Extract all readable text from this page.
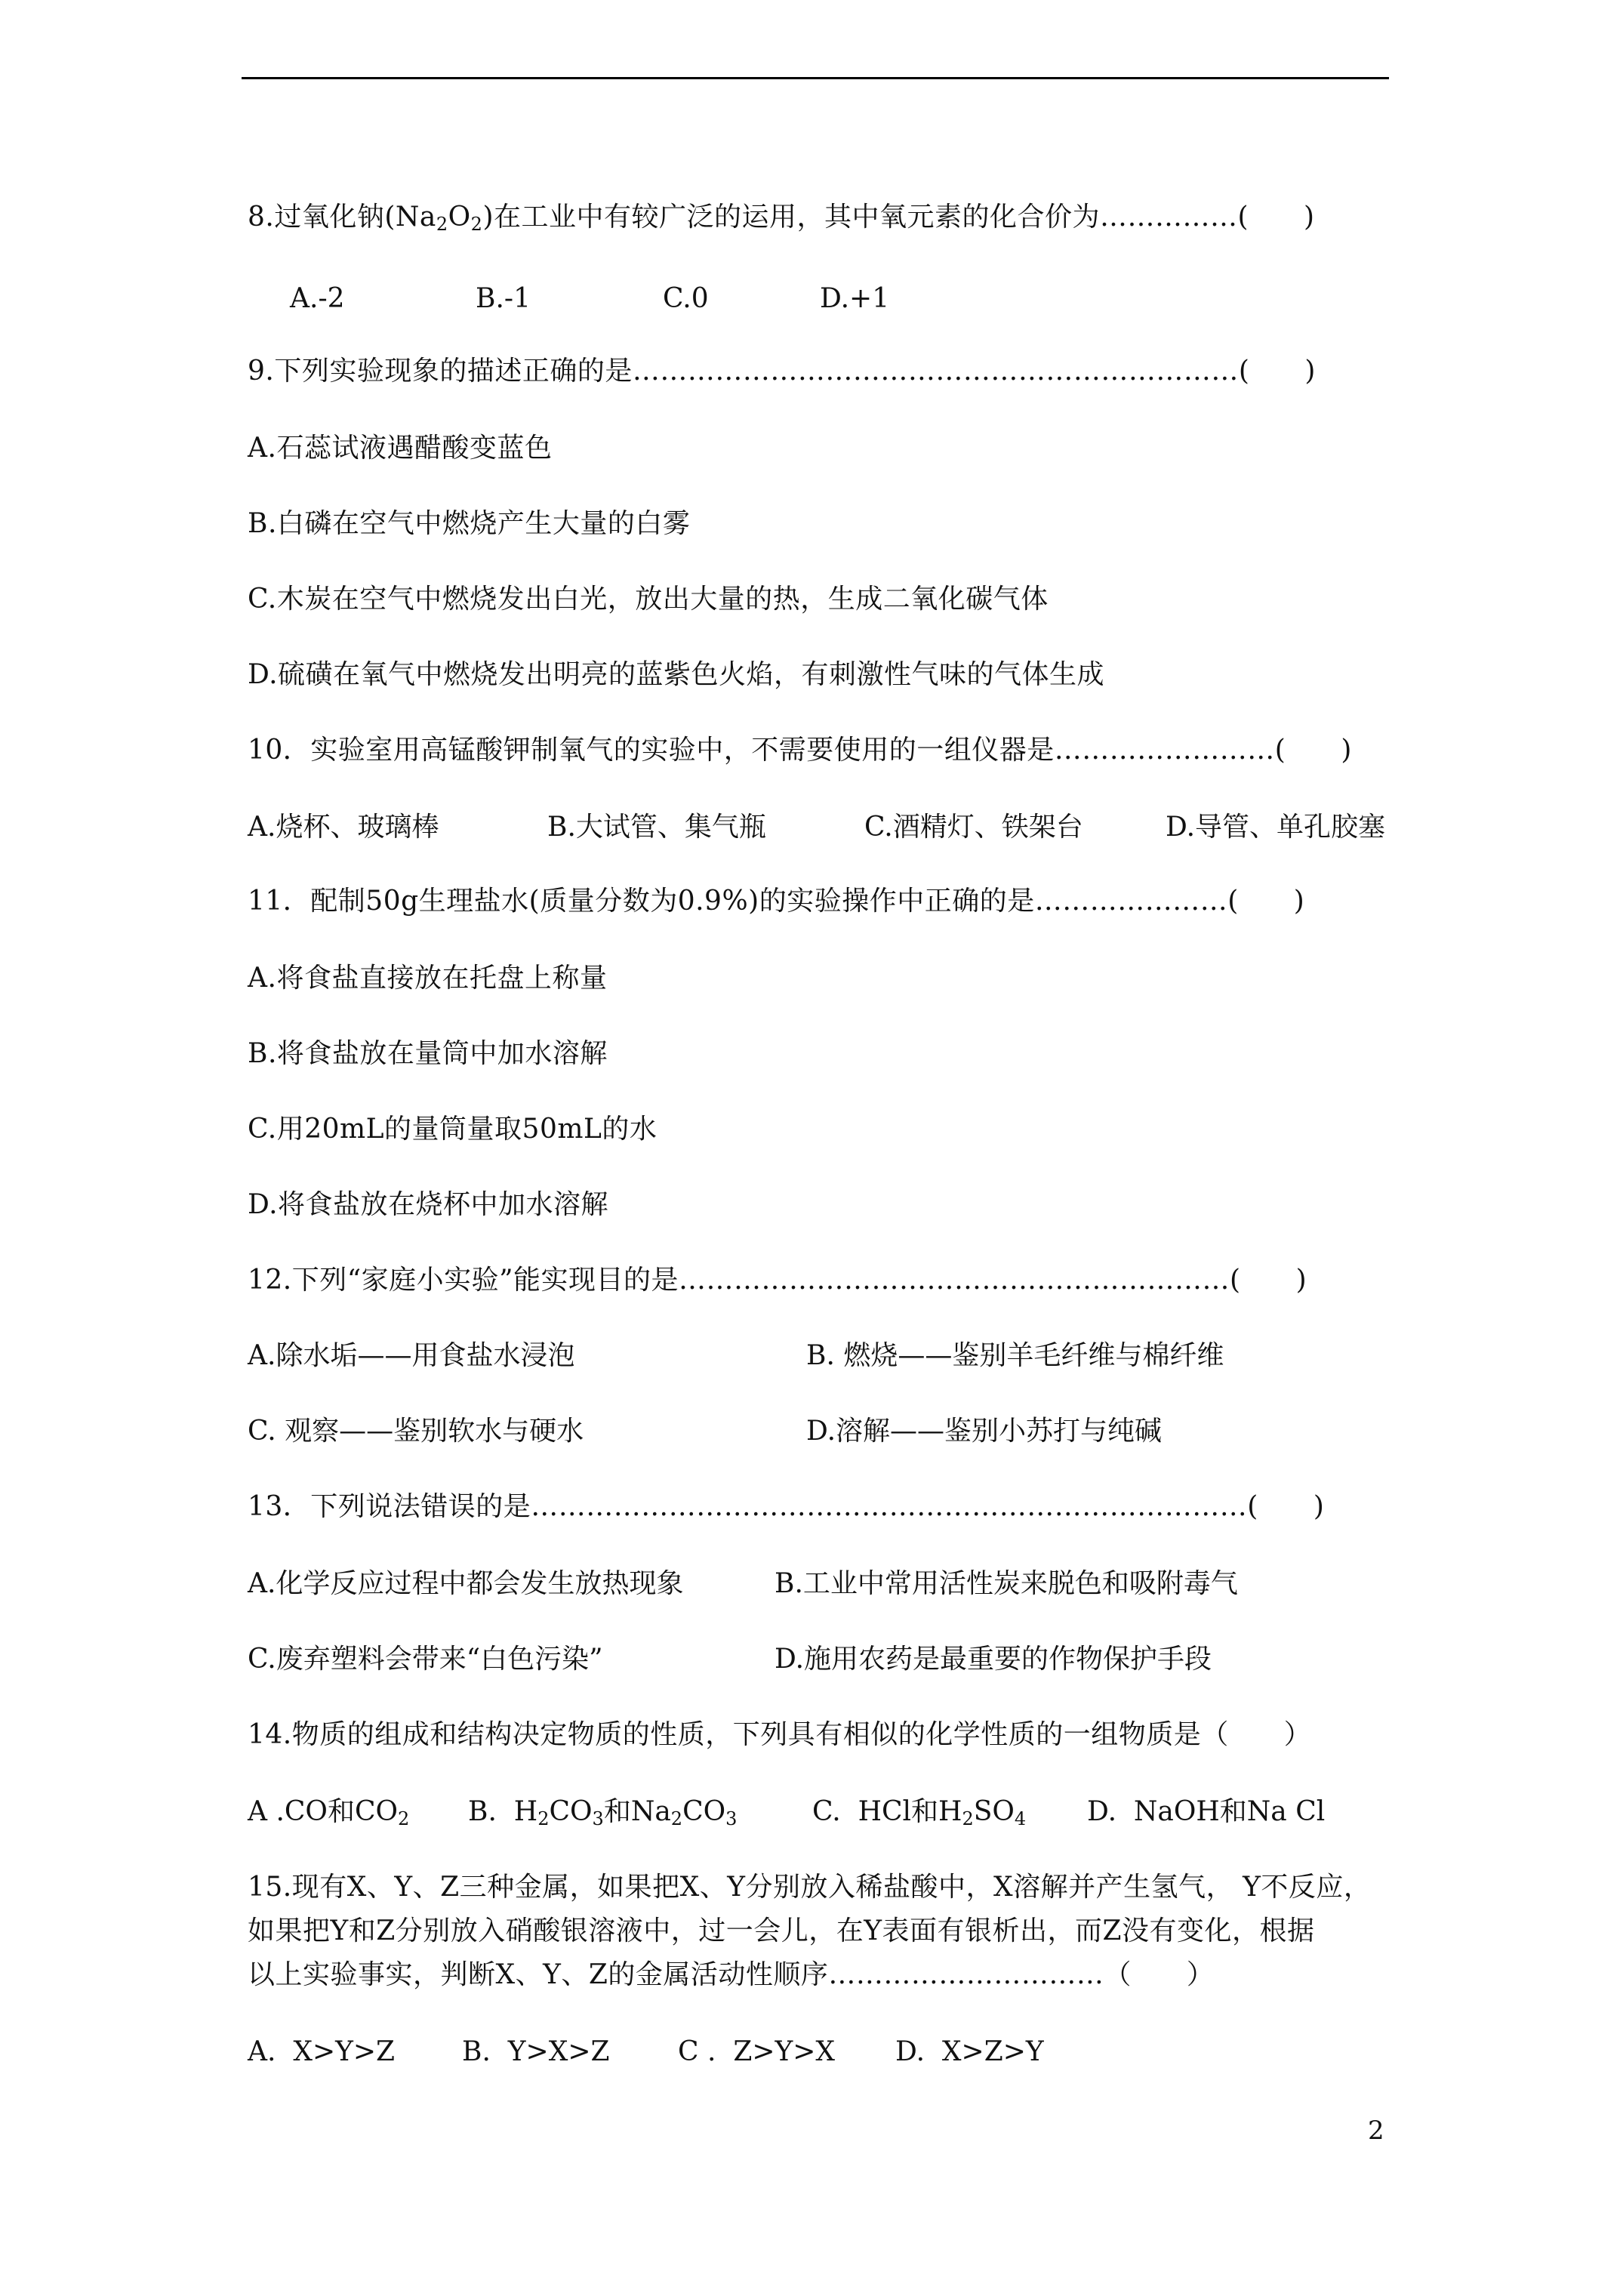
8.过氧化钠$(Na_2O_2)$在工业中有较广泛的运用，其中氧元素的化合价为……………(　　)
A.-2	B.-1	C.0	D.+1
9.下列实验现象的描述正确的是…………………………………………………………(　　)
A.石蕊试液遇醋酸变蓝色
B.白磷在空气中燃烧产生大量的白雾
C.木炭在空气中燃烧发出白光，放出大量的热，生成二氧化碳气体
D.硫磺在氧气中燃烧发出明亮的蓝紫色火焰，有刺激性气味的气体生成
10．实验室用高锰酸钾制氧气的实验中，不需要使用的一组仪器是……………………(　　)
A.烧杯、玻璃棒	B.大试管、集气瓶	C.酒精灯、铁架台	D.导管、单孔胶塞
11．配制50g生理盐水(质量分数为0.9%)的实验操作中正确的是…………………(　　)
A.将食盐直接放在托盘上称量
B.将食盐放在量筒中加水溶解
C.用20mL的量筒量取50mL的水
D.将食盐放在烧杯中加水溶解
12.下列“家庭小实验”能实现目的是……………………………………………………(　　)
A.除水垢——用食盐水浸泡	B. 燃烧——鉴别羊毛纤维与棉纤维
C. 观察——鉴别软水与硬水	D.溶解——鉴别小苏打与纯碱
13．下列说法错误的是……………………………………………………………………(　　)
A.化学反应过程中都会发生放热现象	B.工业中常用活性炭来脱色和吸附毒气
C.废弃塑料会带来“白色污染”	D.施用农药是最重要的作物保护手段
14.物质的组成和结构决定物质的性质，下列具有相似的化学性质的一组物质是（　　）
A .CO和$CO_2$ B.  $H_2CO_3$和$Na_2CO_3$	C.  HCl和$H_2SO_4$ D.  NaOH和Na Cl
15.现有X、Y、Z三种金属，如果把X、Y分别放入稀盐酸中，X溶解并产生氢气， Y不反应，
如果把Y和Z分别放入硝酸银溶液中，过一会儿，在Y表面有银析出，而Z没有变化，根据
以上实验事实，判断X、Y、Z的金属活动性顺序…………………………（　　）
A.  X>Y>Z B.  Y>X>Z	C .  Z>Y>X D.  X>Z>Y
2
